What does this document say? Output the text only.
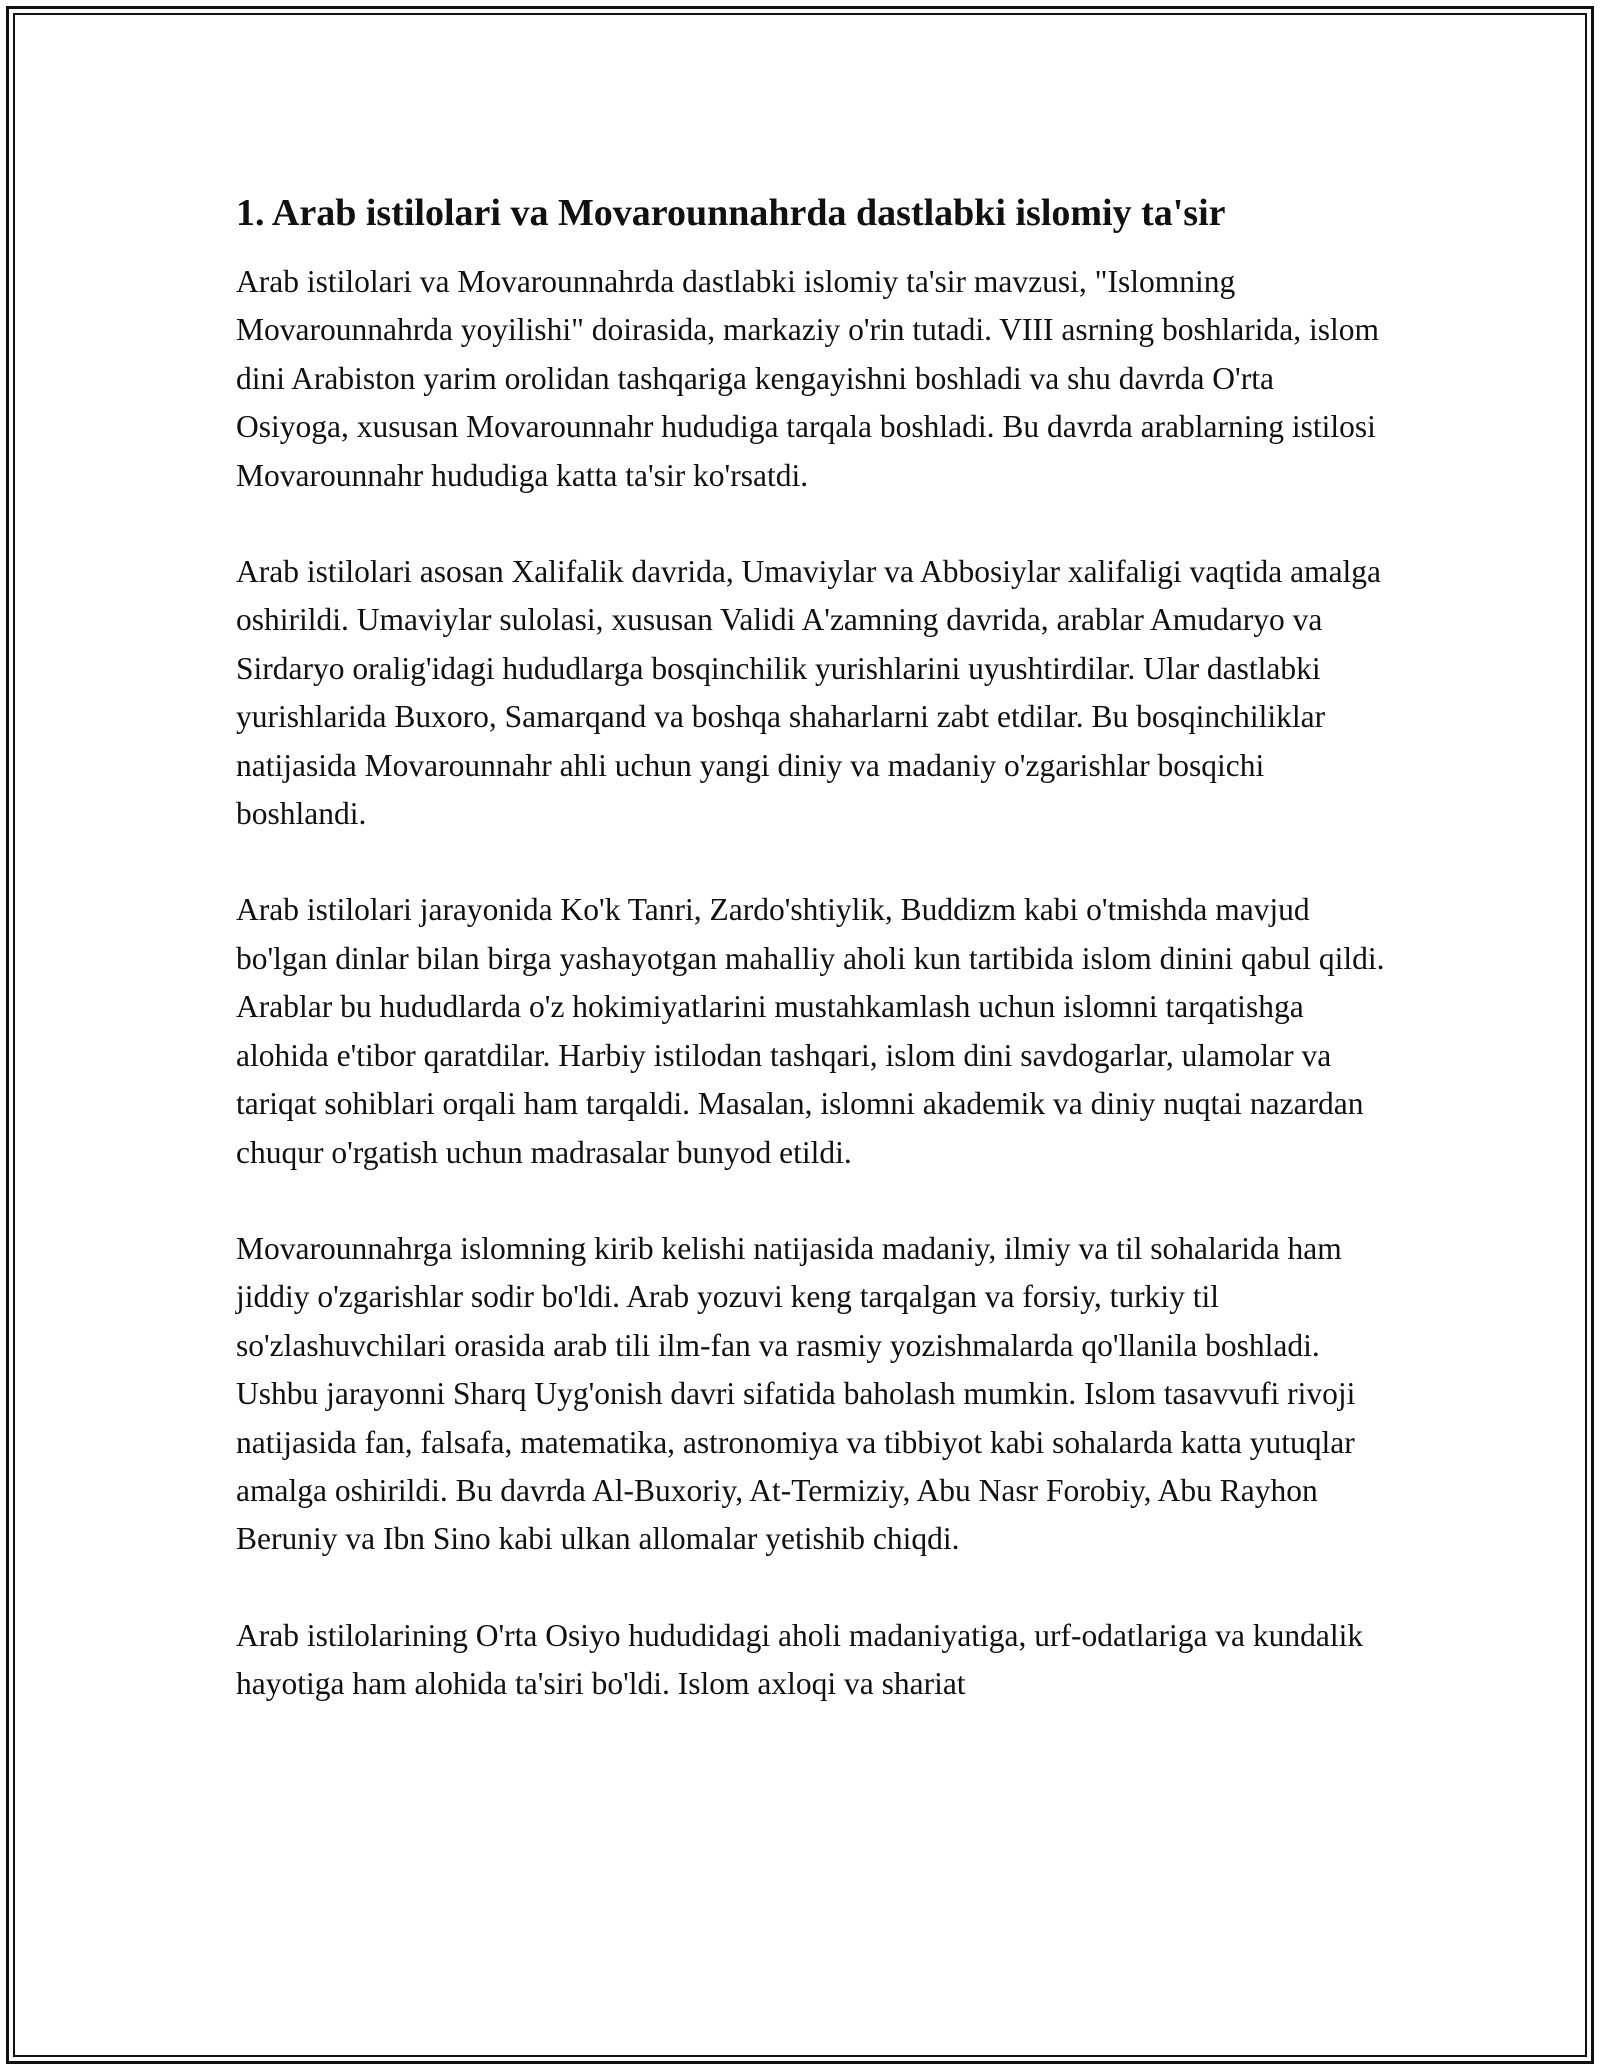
1. Arab istilolari va Movarounnahrda dastlabki islomiy ta'sir

Arab istilolari va Movarounnahrda dastlabki islomiy ta'sir mavzusi, "Islomning Movarounnahrda yoyilishi" doirasida, markaziy o'rin tutadi. VIII asrning boshlarida, islom dini Arabiston yarim orolidan tashqariga kengayishni boshladi va shu davrda O'rta Osiyoga, xususan Movarounnahr hududiga tarqala boshladi. Bu davrda arablarning istilosi Movarounnahr hududiga katta ta'sir ko'rsatdi.

Arab istilolari asosan Xalifalik davrida, Umaviylar va Abbosiylar xalifaligi vaqtida amalga oshirildi. Umaviylar sulolasi, xususan Validi A'zamning davrida, arablar Amudaryo va Sirdaryo oralig'idagi hududlarga bosqinchilik yurishlarini uyushtirdilar. Ular dastlabki yurishlarida Buxoro, Samarqand va boshqa shaharlarni zabt etdilar. Bu bosqinchiliklar natijasida Movarounnahr ahli uchun yangi diniy va madaniy o'zgarishlar bosqichi boshlandi.

Arab istilolari jarayonida Ko'k Tanri, Zardo'shtiylik, Buddizm kabi o'tmishda mavjud bo'lgan dinlar bilan birga yashayotgan mahalliy aholi kun tartibida islom dinini qabul qildi. Arablar bu hududlarda o'z hokimiyatlarini mustahkamlash uchun islomni tarqatishga alohida e'tibor qaratdilar. Harbiy istilodan tashqari, islom dini savdogarlar, ulamolar va tariqat sohiblari orqali ham tarqaldi. Masalan, islomni akademik va diniy nuqtai nazardan chuqur o'rgatish uchun madrasalar bunyod etildi.

Movarounnahrga islomning kirib kelishi natijasida madaniy, ilmiy va til sohalarida ham jiddiy o'zgarishlar sodir bo'ldi. Arab yozuvi keng tarqalgan va forsiy, turkiy til so'zlashuvchilari orasida arab tili ilm-fan va rasmiy yozishmalarda qo'llanila boshladi. Ushbu jarayonni Sharq Uyg'onish davri sifatida baholash mumkin. Islom tasavvufi rivoji natijasida fan, falsafa, matematika, astronomiya va tibbiyot kabi sohalarda katta yutuqlar amalga oshirildi. Bu davrda Al-Buxoriy, At-Termiziy, Abu Nasr Forobiy, Abu Rayhon Beruniy va Ibn Sino kabi ulkan allomalar yetishib chiqdi.

Arab istilolarining O'rta Osiyo hududidagi aholi madaniyatiga, urf-odatlariga va kundalik hayotiga ham alohida ta'siri bo'ldi. Islom axloqi va shariat
